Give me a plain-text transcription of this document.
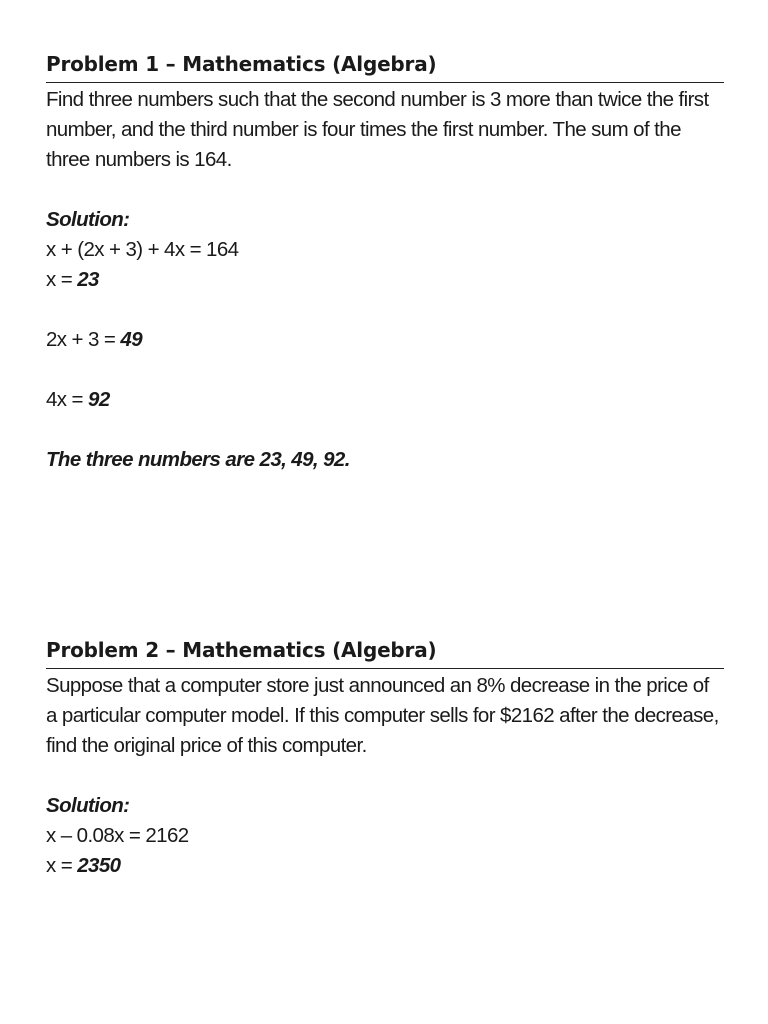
Problem 1 – Mathematics (Algebra)

Find three numbers such that the second number is 3 more than twice the first number, and the third number is four times the first number. The sum of the three numbers is 164.

Solution:
x + (2x + 3) + 4x = 164
x = 23
2x + 3 = 49
4x = 92
The three numbers are 23, 49, 92.
Problem 2 – Mathematics (Algebra)

Suppose that a computer store just announced an 8% decrease in the price of a particular computer model. If this computer sells for $2162 after the decrease, find the original price of this computer.

Solution:
x – 0.08x = 2162
x = 2350
